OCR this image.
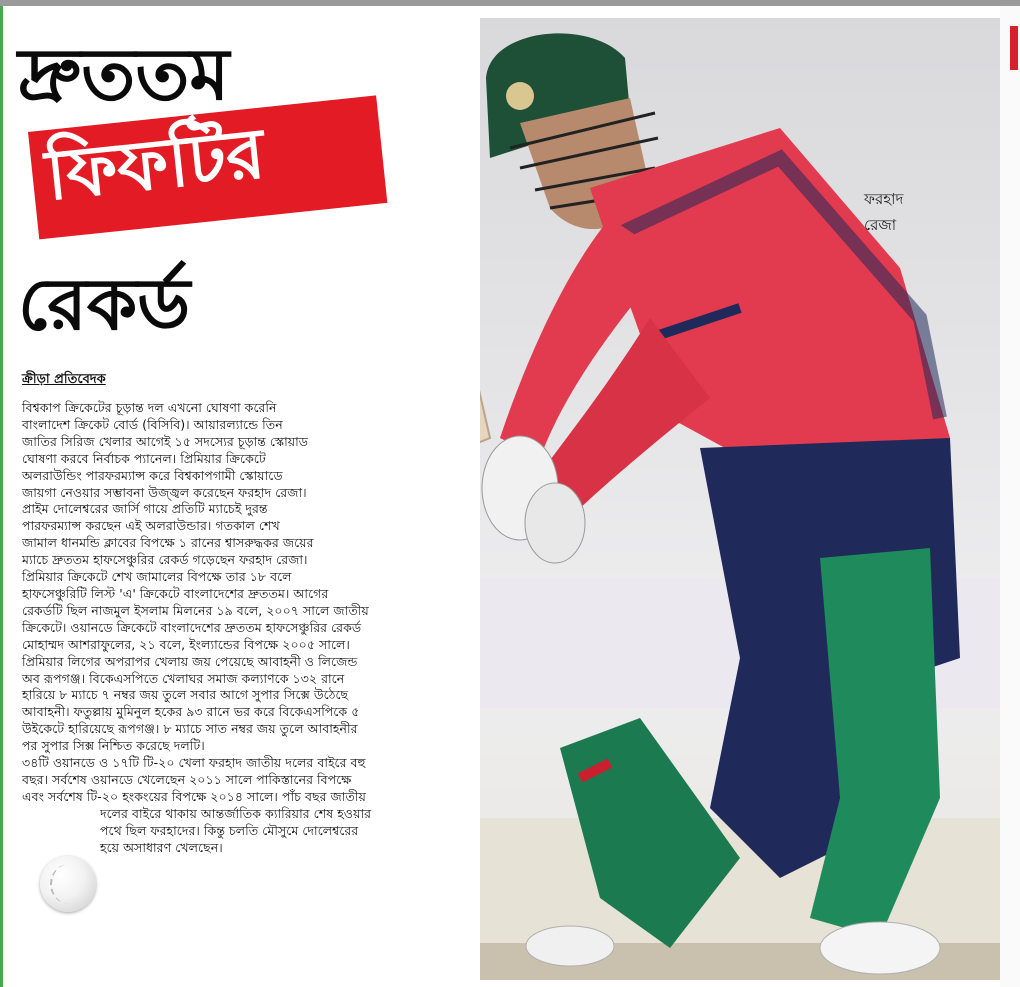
দ্রুততম
ফিফটির
রেকর্ড
ক্রীড়া প্রতিবেদক

বিশ্বকাপ ক্রিকেটের চূড়ান্ত দল এখনো ঘোষণা করেনি

বাংলাদেশ ক্রিকেট বোর্ড (বিসিবি)। আয়ারল্যান্ডে তিন

জাতির সিরিজ খেলার আগেই ১৫ সদস্যের চূড়ান্ত স্কোয়াড

ঘোষণা করবে নির্বাচক প্যানেল। প্রিমিয়ার ক্রিকেটে

অলরাউন্ডিং পারফরম্যান্স করে বিশ্বকাপগামী স্কোয়াডে

জায়গা নেওয়ার সম্ভাবনা উজ্জ্বল করেছেন ফরহাদ রেজা।

প্রাইম দোলেশ্বরের জার্সি গায়ে প্রতিটি ম্যাচেই দুরন্ত

পারফরম্যান্স করছেন এই অলরাউন্ডার। গতকাল শেখ

জামাল ধানমন্ডি ক্লাবের বিপক্ষে ১ রানের শ্বাসরুদ্ধকর জয়ের

ম্যাচে দ্রুততম হাফসেঞ্চুরির রেকর্ড গড়েছেন ফরহাদ রেজা।

প্রিমিয়ার ক্রিকেটে শেখ জামালের বিপক্ষে তার ১৮ বলে

হাফসেঞ্চুরিটি লিস্ট 'এ' ক্রিকেটে বাংলাদেশের দ্রুততম। আগের

রেকর্ডটি ছিল নাজমুল ইসলাম মিলনের ১৯ বলে, ২০০৭ সালে জাতীয়

ক্রিকেটে। ওয়ানডে ক্রিকেটে বাংলাদেশের দ্রুততম হাফসেঞ্চুরির রেকর্ড

মোহাম্মদ আশরাফুলের, ২১ বলে, ইংল্যান্ডের বিপক্ষে ২০০৫ সালে।

প্রিমিয়ার লিগের অপরাপর খেলায় জয় পেয়েছে আবাহনী ও লিজেন্ড

অব রূপগঞ্জ। বিকেএসপিতে খেলাঘর সমাজ কল্যাণকে ১৩২ রানে

হারিয়ে ৮ ম্যাচে ৭ নম্বর জয় তুলে সবার আগে সুপার সিক্সে উঠেছে

আবাহনী। ফতুল্লায় মুমিনুল হকের ৯৩ রানে ভর করে বিকেএসপিকে ৫

উইকেটে হারিয়েছে রূপগঞ্জ। ৮ ম্যাচে সাত নম্বর জয় তুলে আবাহনীর

পর সুপার সিক্স নিশ্চিত করেছে দলটি।

৩৪টি ওয়ানডে ও ১৭টি টি-২০ খেলা ফরহাদ জাতীয় দলের বাইরে বহু

বছর। সর্বশেষ ওয়ানডে খেলেছেন ২০১১ সালে পাকিস্তানের বিপক্ষে

এবং সর্বশেষ টি-২০ হংকংয়ের বিপক্ষে ২০১৪ সালে। পাঁচ বছর জাতীয়

দলের বাইরে থাকায় আন্তর্জাতিক ক্যারিয়ার শেষ হওয়ার

পথে ছিল ফরহাদের। কিন্তু চলতি মৌসুমে দোলেশ্বরের

হয়ে অসাধারণ খেলছেন।

ফরহাদ
রেজা
